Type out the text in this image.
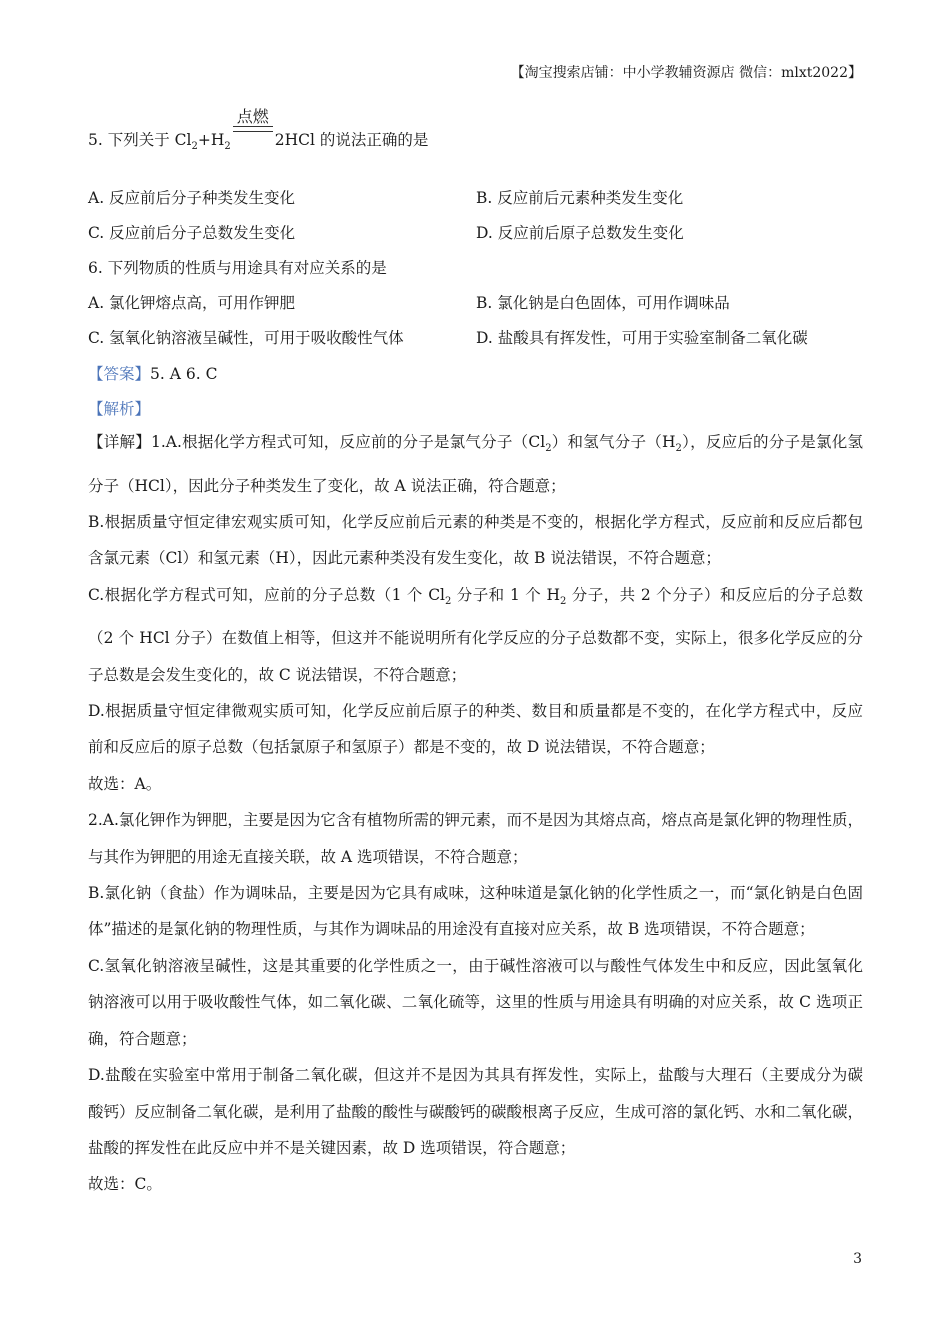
【淘宝搜索店铺：中小学教辅资源店 微信：mlxt2022】
5. 下列关于 $Cl_2+H_2$
点燃
2HCl 的说法正确的是
A. 反应前后分子种类发生变化	B. 反应前后元素种类发生变化
C. 反应前后分子总数发生变化	D. 反应前后原子总数发生变化
6. 下列物质的性质与用途具有对应关系的是
A. 氯化钾熔点高，可用作钾肥	B. 氯化钠是白色固体，可用作调味品
C. 氢氧化钠溶液呈碱性，可用于吸收酸性气体	D. 盐酸具有挥发性，可用于实验室制备二氧化碳
【答案】5. A 6. C
【解析】
【详解】1.A.根据化学方程式可知，反应前的分子是氯气分子$(Cl_2)$和氢气分子$(H_2)$，反应后的分子是氯化氢分子（HCl），因此分子种类发生了变化，故 A 说法正确，符合题意；
B.根据质量守恒定律宏观实质可知，化学反应前后元素的种类是不变的，根据化学方程式，反应前和反应后都包含氯元素（Cl）和氢元素（H），因此元素种类没有发生变化，故 B 说法错误，不符合题意；
C.根据化学方程式可知，应前的分子总数（1 个 $Cl_2$ 分子和 1 个 $H_2$ 分子，共 2 个分子）和反应后的分子总数（2 个 HCl 分子）在数值上相等，但这并不能说明所有化学反应的分子总数都不变，实际上，很多化学反应的分子总数是会发生变化的，故 C 说法错误，不符合题意；
D.根据质量守恒定律微观实质可知，化学反应前后原子的种类、数目和质量都是不变的，在化学方程式中，反应前和反应后的原子总数（包括氯原子和氢原子）都是不变的，故 D 说法错误，不符合题意；
故选：A。
2.A.氯化钾作为钾肥，主要是因为它含有植物所需的钾元素，而不是因为其熔点高，熔点高是氯化钾的物理性质，与其作为钾肥的用途无直接关联，故 A 选项错误，不符合题意；
B.氯化钠（食盐）作为调味品，主要是因为它具有咸味，这种味道是氯化钠的化学性质之一，而“氯化钠是白色固体”描述的是氯化钠的物理性质，与其作为调味品的用途没有直接对应关系，故 B 选项错误，不符合题意；
C.氢氧化钠溶液呈碱性，这是其重要的化学性质之一，由于碱性溶液可以与酸性气体发生中和反应，因此氢氧化钠溶液可以用于吸收酸性气体，如二氧化碳、二氧化硫等，这里的性质与用途具有明确的对应关系，故 C 选项正确，符合题意；
D.盐酸在实验室中常用于制备二氧化碳，但这并不是因为其具有挥发性，实际上，盐酸与大理石（主要成分为碳酸钙）反应制备二氧化碳，是利用了盐酸的酸性与碳酸钙的碳酸根离子反应，生成可溶的氯化钙、水和二氧化碳，盐酸的挥发性在此反应中并不是关键因素，故 D 选项错误，符合题意；
故选：C。
3
